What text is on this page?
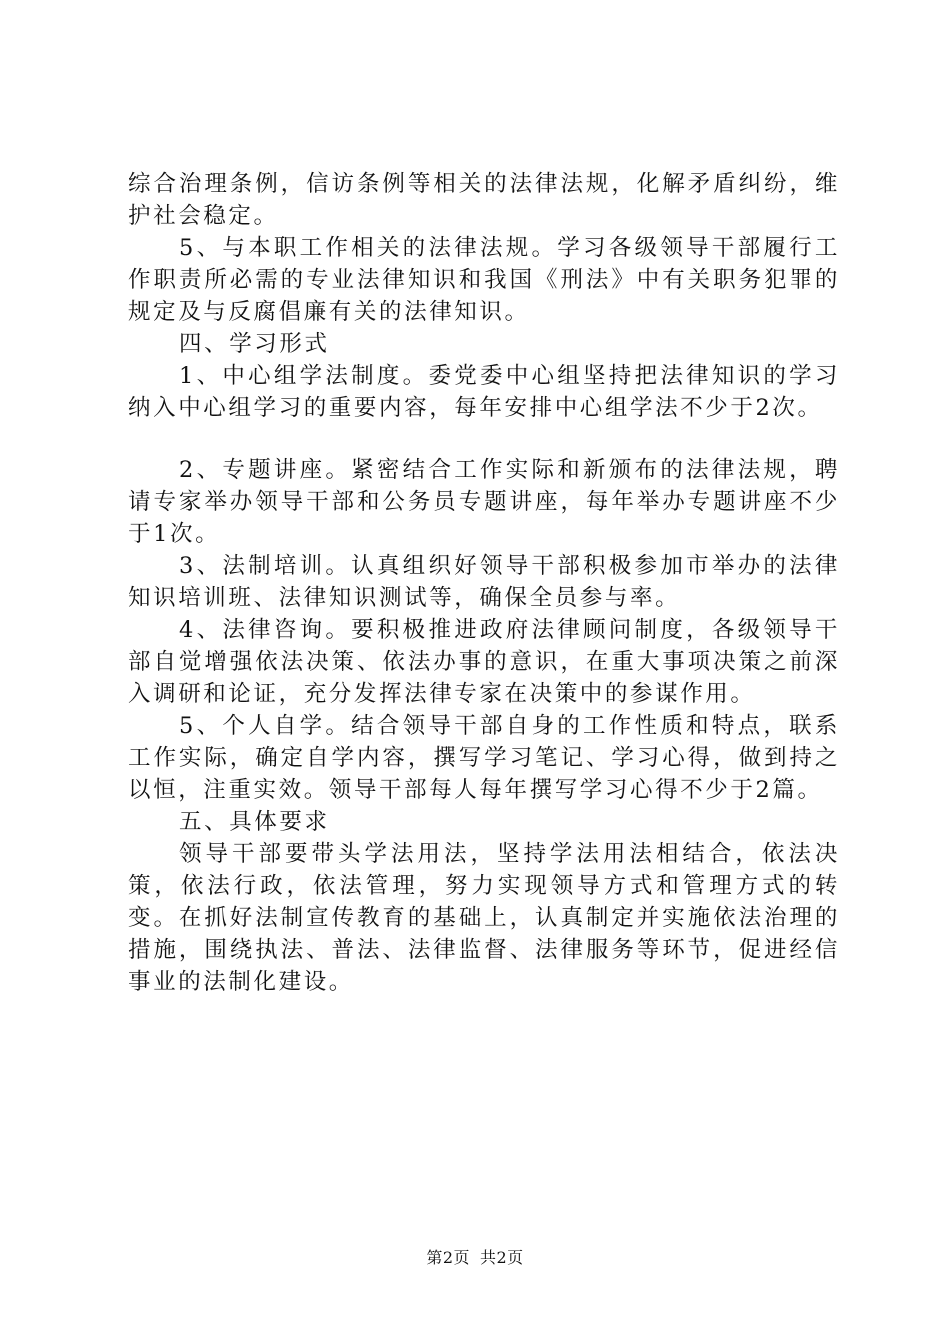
综合治理条例，信访条例等相关的法律法规，化解矛盾纠纷，维护社会稳定。

5、与本职工作相关的法律法规。学习各级领导干部履行工作职责所必需的专业法律知识和我国《刑法》中有关职务犯罪的规定及与反腐倡廉有关的法律知识。

四、学习形式

1、中心组学法制度。委党委中心组坚持把法律知识的学习纳入中心组学习的重要内容，每年安排中心组学法不少于2次。

2、专题讲座。紧密结合工作实际和新颁布的法律法规，聘请专家举办领导干部和公务员专题讲座，每年举办专题讲座不少于1次。

3、法制培训。认真组织好领导干部积极参加市举办的法律知识培训班、法律知识测试等，确保全员参与率。

4、法律咨询。要积极推进政府法律顾问制度，各级领导干部自觉增强依法决策、依法办事的意识，在重大事项决策之前深入调研和论证，充分发挥法律专家在决策中的参谋作用。

5、个人自学。结合领导干部自身的工作性质和特点，联系工作实际，确定自学内容，撰写学习笔记、学习心得，做到持之以恒，注重实效。领导干部每人每年撰写学习心得不少于2篇。

五、具体要求

领导干部要带头学法用法，坚持学法用法相结合，依法决策，依法行政，依法管理，努力实现领导方式和管理方式的转变。在抓好法制宣传教育的基础上，认真制定并实施依法治理的措施，围绕执法、普法、法律监督、法律服务等环节，促进经信事业的法制化建设。

第2页 共2页
